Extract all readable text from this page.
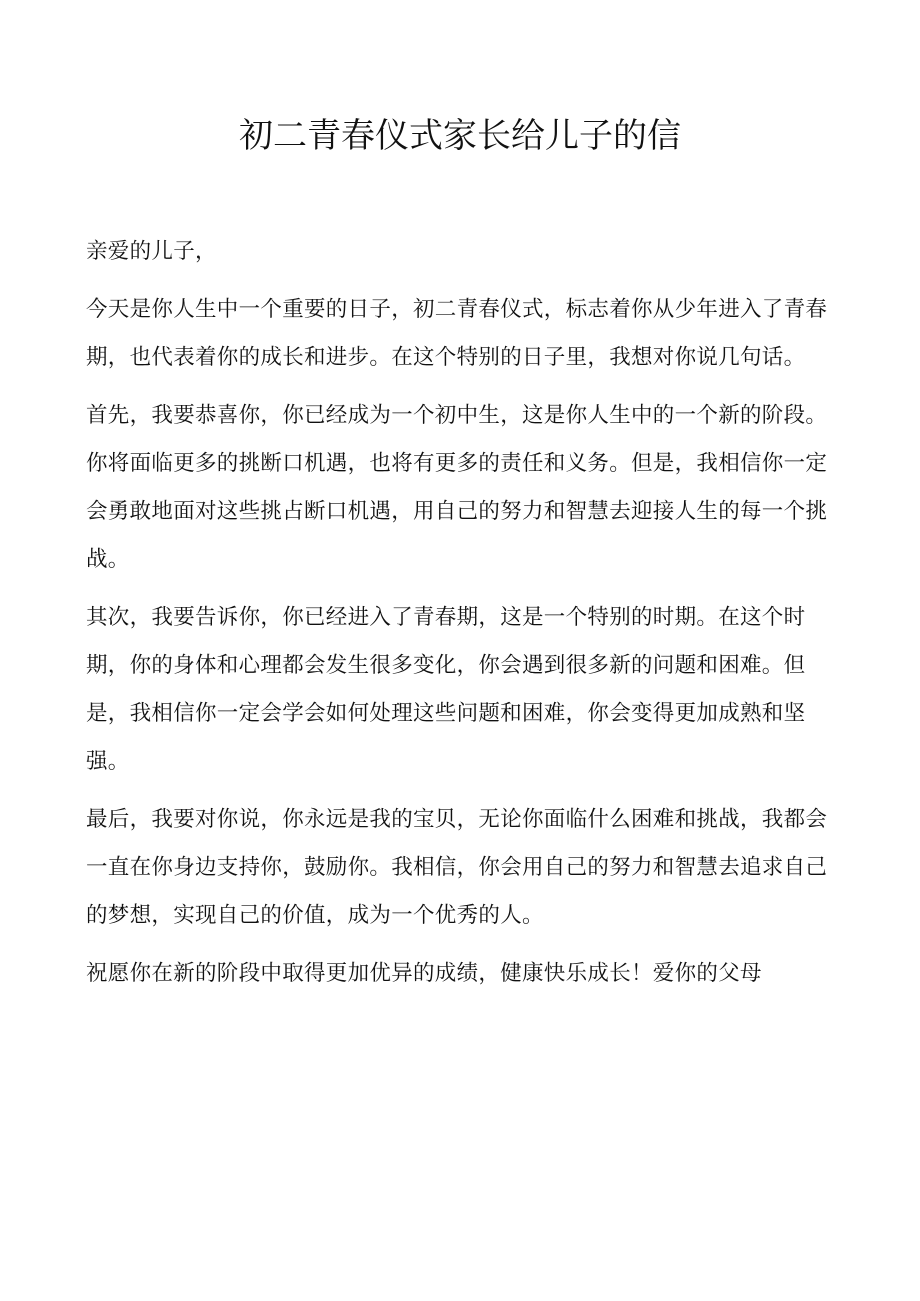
初二青春仪式家长给儿子的信

亲爱的儿子，

今天是你人生中一个重要的日子，初二青春仪式，标志着你从少年进入了青春期，也代表着你的成长和进步。在这个特别的日子里，我想对你说几句话。

首先，我要恭喜你，你已经成为一个初中生，这是你人生中的一个新的阶段。你将面临更多的挑断口机遇，也将有更多的责任和义务。但是，我相信你一定会勇敢地面对这些挑占断口机遇，用自己的努力和智慧去迎接人生的每一个挑战。

其次，我要告诉你，你已经进入了青春期，这是一个特别的时期。在这个时期，你的身体和心理都会发生很多变化，你会遇到很多新的问题和困难。但是，我相信你一定会学会如何处理这些问题和困难，你会变得更加成熟和坚强。

最后，我要对你说，你永远是我的宝贝，无论你面临什么困难和挑战，我都会一直在你身边支持你，鼓励你。我相信，你会用自己的努力和智慧去追求自己的梦想，实现自己的价值，成为一个优秀的人。

祝愿你在新的阶段中取得更加优异的成绩，健康快乐成长！爱你的父母
